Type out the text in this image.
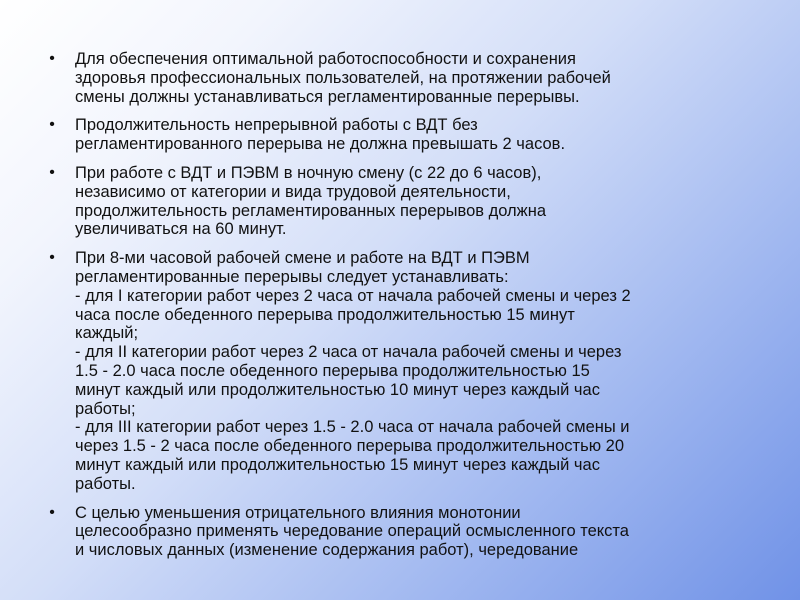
• Для обеспечения оптимальной работоспособности и сохранения
здоровья профессиональных пользователей, на протяжении рабочей
смены должны устанавливаться регламентированные перерывы.
• Продолжительность непрерывной работы с ВДТ без
регламентированного перерыва не должна превышать 2 часов.
• При работе с ВДТ и ПЭВМ в ночную смену (с 22 до 6 часов),
независимо от категории и вида трудовой деятельности,
продолжительность регламентированных перерывов должна
увеличиваться на 60 минут.
• При 8-ми часовой рабочей смене и работе на ВДТ и ПЭВМ
регламентированные перерывы следует устанавливать:
- для I категории работ через 2 часа от начала рабочей смены и через 2
часа после обеденного перерыва продолжительностью 15 минут
каждый;
- для II категории работ через 2 часа от начала рабочей смены и через
1.5 - 2.0 часа после обеденного перерыва продолжительностью 15
минут каждый или продолжительностью 10 минут через каждый час
работы;
- для III категории работ через 1.5 - 2.0 часа от начала рабочей смены и
через 1.5 - 2 часа после обеденного перерыва продолжительностью 20
минут каждый или продолжительностью 15 минут через каждый час
работы.
• С целью уменьшения отрицательного влияния монотонии
целесообразно применять чередование операций осмысленного текста
и числовых данных (изменение содержания работ), чередование
